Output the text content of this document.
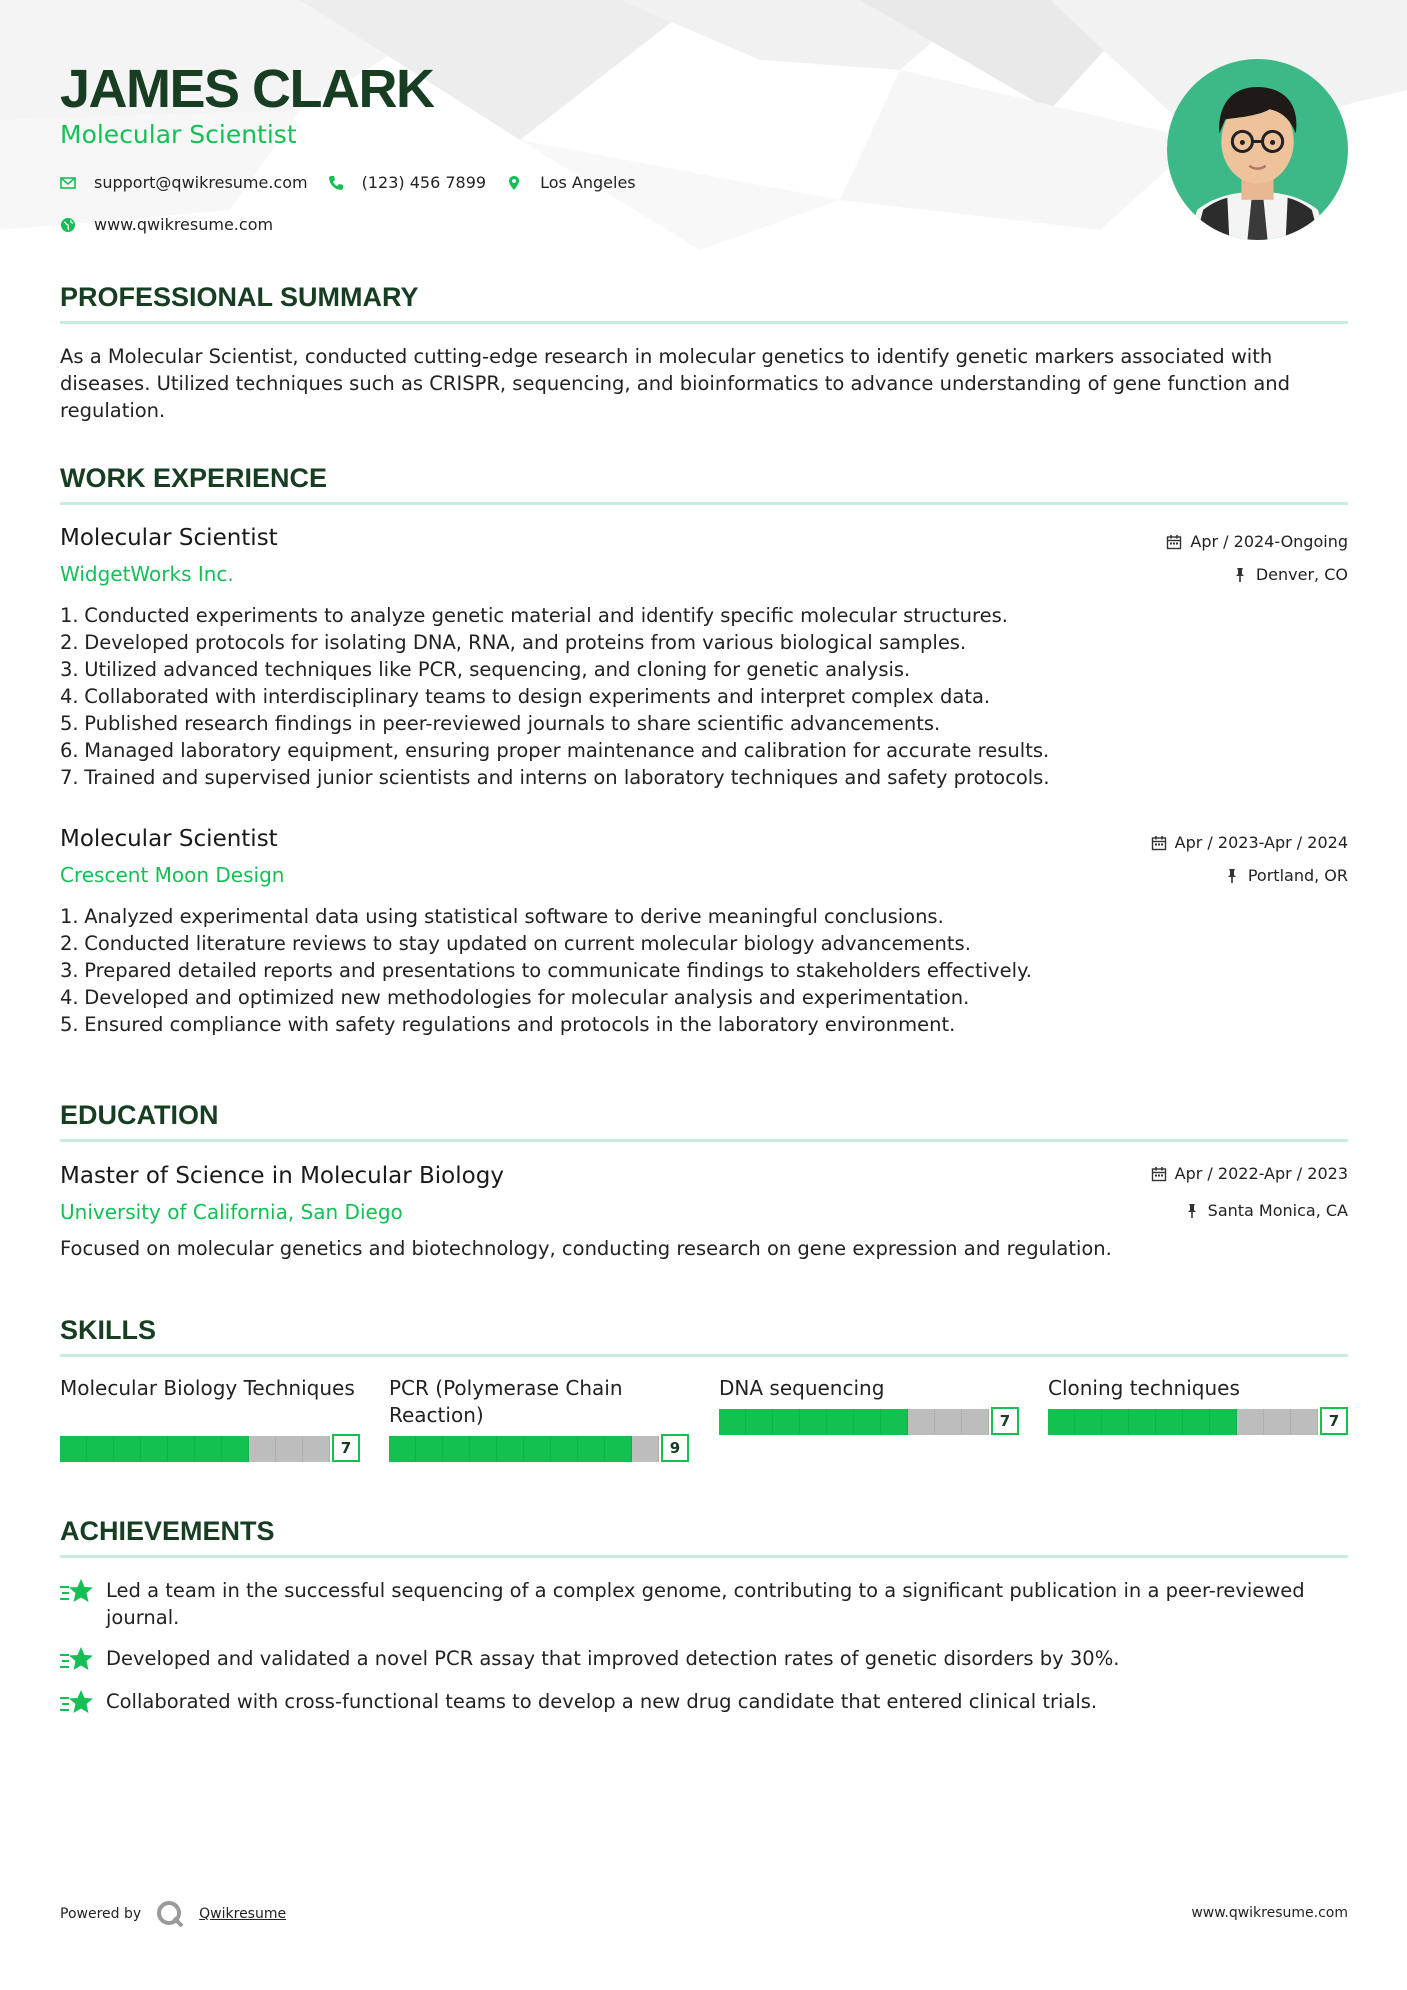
JAMES CLARK
Molecular Scientist
support@qwikresume.com	(123) 456 7899	Los Angeles
www.qwikresume.com
PROFESSIONAL SUMMARY
As a Molecular Scientist, conducted cutting-edge research in molecular genetics to identify genetic markers associated with diseases. Utilized techniques such as CRISPR, sequencing, and bioinformatics to advance understanding of gene function and regulation.
WORK EXPERIENCE
Molecular Scientist
WidgetWorks Inc.
Apr / 2024-Ongoing
Denver, CO
1. Conducted experiments to analyze genetic material and identify specific molecular structures.
2. Developed protocols for isolating DNA, RNA, and proteins from various biological samples.
3. Utilized advanced techniques like PCR, sequencing, and cloning for genetic analysis.
4. Collaborated with interdisciplinary teams to design experiments and interpret complex data.
5. Published research findings in peer-reviewed journals to share scientific advancements.
6. Managed laboratory equipment, ensuring proper maintenance and calibration for accurate results.
7. Trained and supervised junior scientists and interns on laboratory techniques and safety protocols.
Molecular Scientist
Crescent Moon Design
Apr / 2023-Apr / 2024
Portland, OR
1. Analyzed experimental data using statistical software to derive meaningful conclusions.
2. Conducted literature reviews to stay updated on current molecular biology advancements.
3. Prepared detailed reports and presentations to communicate findings to stakeholders effectively.
4. Developed and optimized new methodologies for molecular analysis and experimentation.
5. Ensured compliance with safety regulations and protocols in the laboratory environment.
EDUCATION
Master of Science in Molecular Biology
University of California, San Diego
Apr / 2022-Apr / 2023
Santa Monica, CA
Focused on molecular genetics and biotechnology, conducting research on gene expression and regulation.
SKILLS
Molecular Biology Techniques
7
PCR (Polymerase Chain Reaction)
9
DNA sequencing
7
Cloning techniques
7
ACHIEVEMENTS
Led a team in the successful sequencing of a complex genome, contributing to a significant publication in a peer-reviewed journal.
Developed and validated a novel PCR assay that improved detection rates of genetic disorders by 30%.
Collaborated with cross-functional teams to develop a new drug candidate that entered clinical trials.
Powered by	Qwikresume	www.qwikresume.com
